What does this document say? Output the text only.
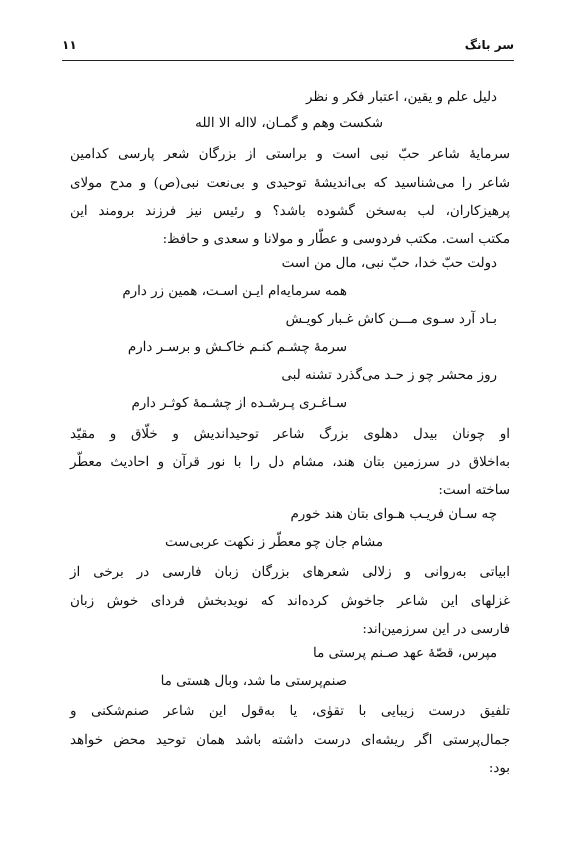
سر بانگ
۱۱
دلیل علم و یقین، اعتبار فکر و نظر
شکست وهم و گمـان، لااله الا الله
سرمایهٔ شاعر حبّ نبی است و براستی از بزرگان شعر پارسی کدامین
شاعر را می‌شناسید که بی‌اندیشهٔ توحیدی و بی‌نعت نبی(ص) و مدح مولای
پرهیزکاران، لب به‌سخن گشوده باشد؟ و رئیس نیز فرزند برومند این
مکتب است. مکتب فردوسی و عطّار و مولانا و سعدی و حافظ:
دولت حبّ خدا، حبّ نبی، مال من است
همه سرمایه‌ام ایـن اسـت، همین زر دارم
بـاد آرد سـوی مـــن کاش غـبار کویـش
سرمهٔ چشـم کنـم خاکـش و برسـر دارم
روز محشر چو ز حـد می‌گذرد تشنه لبی
سـاغـری پـرشـده از چشـمهٔ کوثـر دارم
او چونان بیدل دهلوی بزرگ شاعر توحیداندیش و خلّاق و مقیّد
به‌اخلاق در سرزمین بتان هند، مشام دل را با نور قرآن و احادیث معطّر
ساخته است:
چه سـان فریـب هـوای بتان هند خورم
مشام جان چو معطّر ز نکهت عربی‌ست
ابیاتی به‌روانی و زلالی شعرهای بزرگان زبان فارسی در برخی از
غزلهای این شاعر جاخوش کرده‌اند که نویدبخش فردای خوش زبان
فارسی در این سرزمین‌اند:
مپرس، قصّهٔ عهد صـنم پرستی ما
صنم‌پرستی ما شد، وبال هستی ما
تلفیق درست زیبایی با تقوٰی، یا به‌قول این شاعر صنم‌شکنی و
جمال‌پرستی اگر ریشه‌ای درست داشته باشد همان توحید محض خواهد
بود:
